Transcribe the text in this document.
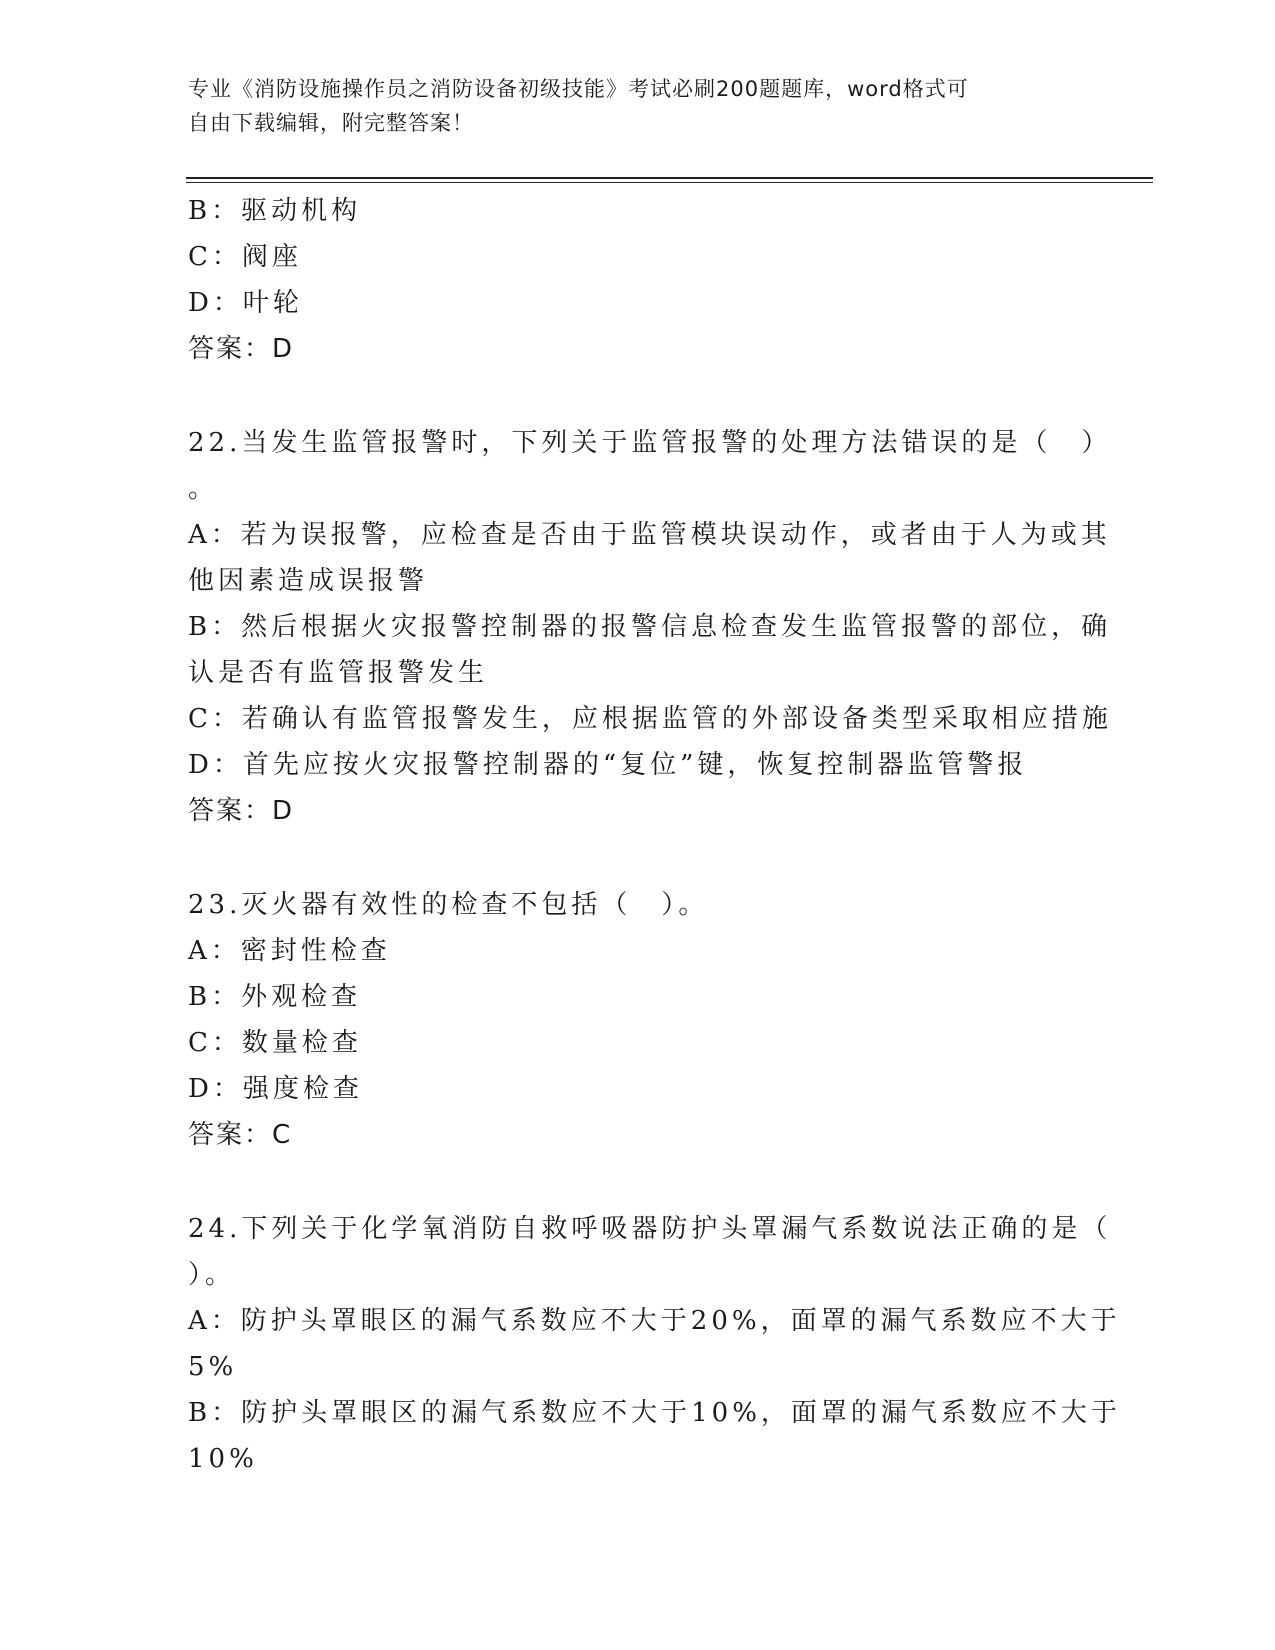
专业《消防设施操作员之消防设备初级技能》考试必刷200题题库，word格式可
自由下载编辑，附完整答案！
B：驱动机构
C：阀座
D：叶轮
答案：D
22.当发生监管报警时，下列关于监管报警的处理方法错误的是（　）
。
A：若为误报警，应检查是否由于监管模块误动作，或者由于人为或其
他因素造成误报警
B：然后根据火灾报警控制器的报警信息检查发生监管报警的部位，确
认是否有监管报警发生
C：若确认有监管报警发生，应根据监管的外部设备类型采取相应措施
D：首先应按火灾报警控制器的“复位”键，恢复控制器监管警报
答案：D
23.灭火器有效性的检查不包括（　）。
A：密封性检查
B：外观检查
C：数量检查
D：强度检查
答案：C
24.下列关于化学氧消防自救呼吸器防护头罩漏气系数说法正确的是（
）。
A：防护头罩眼区的漏气系数应不大于20%，面罩的漏气系数应不大于
5%
B：防护头罩眼区的漏气系数应不大于10%，面罩的漏气系数应不大于
10%
